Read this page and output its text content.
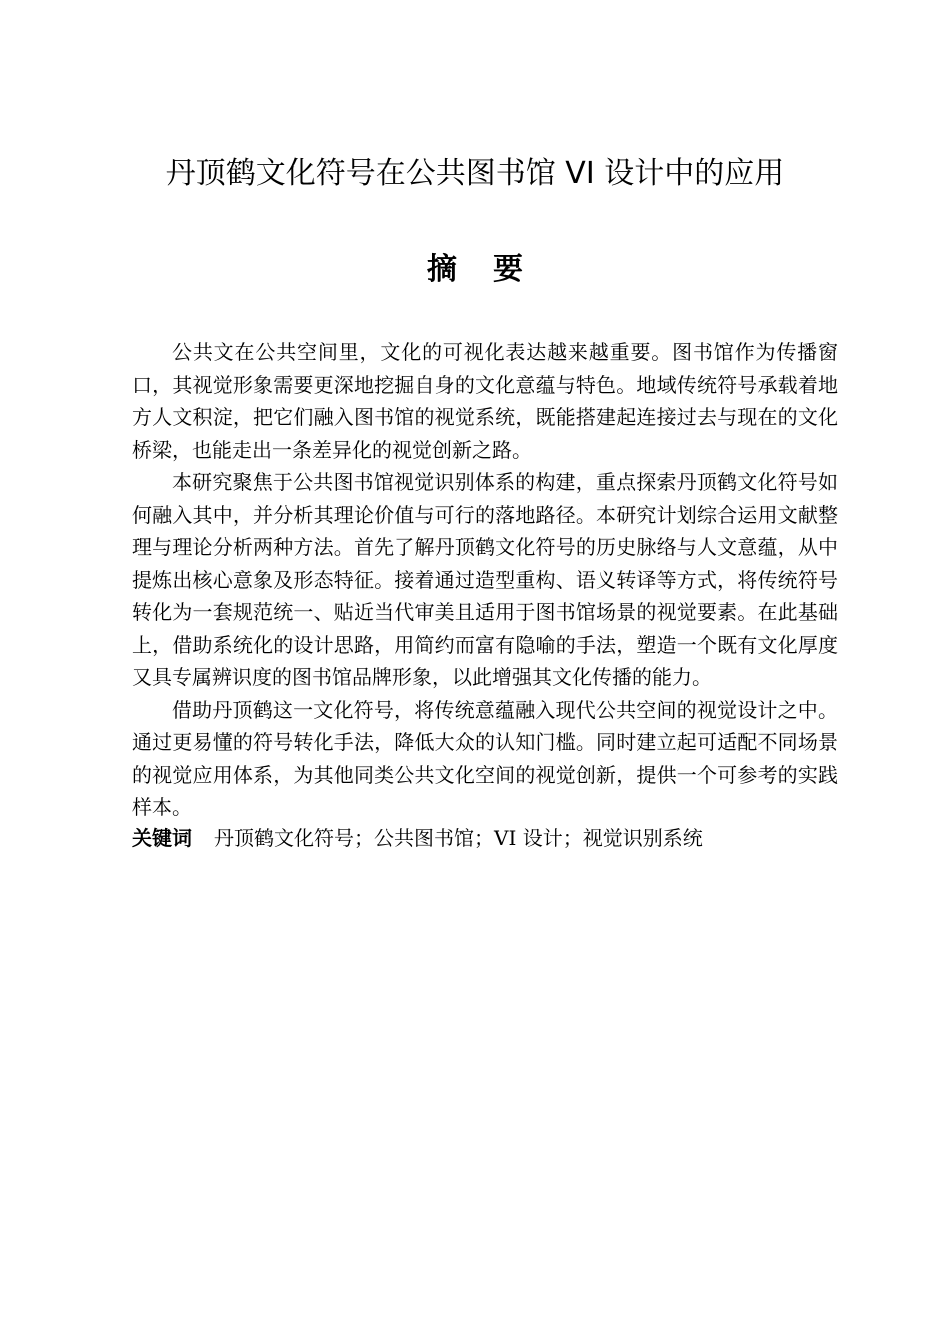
丹顶鹤文化符号在公共图书馆 VI 设计中的应用
摘要

公共文在公共空间里，文化的可视化表达越来越重要。图书馆作为传播窗口，其视觉形象需要更深地挖掘自身的文化意蕴与特色。地域传统符号承载着地方人文积淀，把它们融入图书馆的视觉系统，既能搭建起连接过去与现在的文化桥梁，也能走出一条差异化的视觉创新之路。

本研究聚焦于公共图书馆视觉识别体系的构建，重点探索丹顶鹤文化符号如何融入其中，并分析其理论价值与可行的落地路径。本研究计划综合运用文献整理与理论分析两种方法。首先了解丹顶鹤文化符号的历史脉络与人文意蕴，从中提炼出核心意象及形态特征。接着通过造型重构、语义转译等方式，将传统符号转化为一套规范统一、贴近当代审美且适用于图书馆场景的视觉要素。在此基础上，借助系统化的设计思路，用简约而富有隐喻的手法，塑造一个既有文化厚度又具专属辨识度的图书馆品牌形象，以此增强其文化传播的能力。

借助丹顶鹤这一文化符号，将传统意蕴融入现代公共空间的视觉设计之中。通过更易懂的符号转化手法，降低大众的认知门槛。同时建立起可适配不同场景的视觉应用体系，为其他同类公共文化空间的视觉创新，提供一个可参考的实践样本。

关键词 丹顶鹤文化符号；公共图书馆；VI 设计；视觉识别系统
